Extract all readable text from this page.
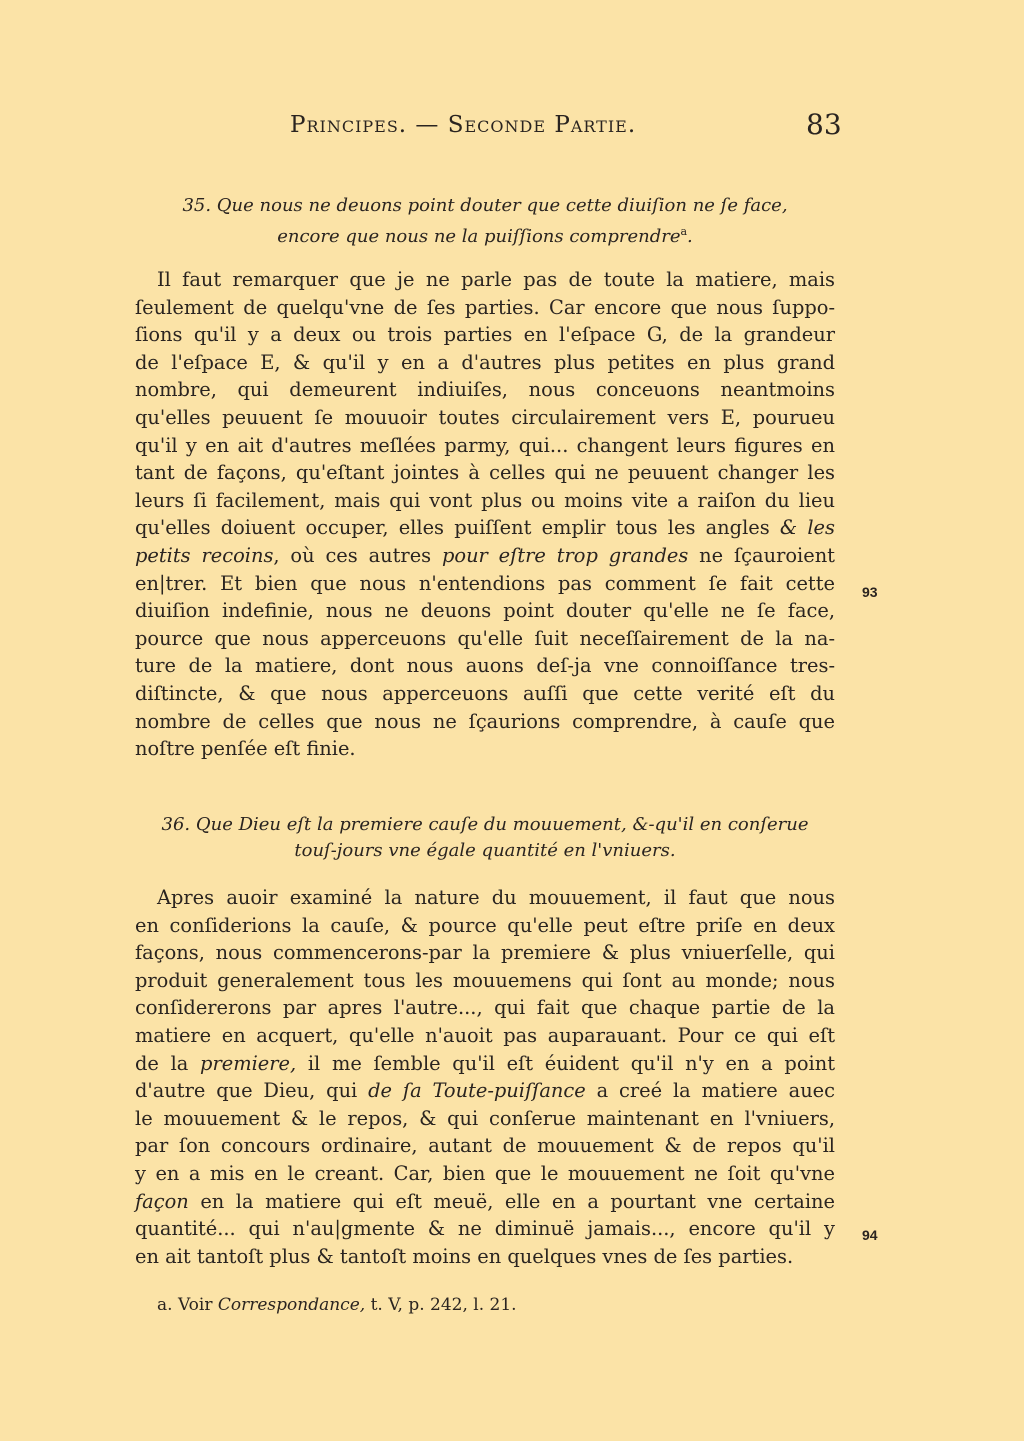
Principes. — Seconde Partie.	83
35. Que nous ne deuons point douter que cette diuiſion ne ſe face,
encore que nous ne la puiſſions comprendre$^a$.
Il faut remarquer que je ne parle pas de toute la matiere, mais
ſeulement de quelqu'vne de ſes parties. Car encore que nous ſuppo-
ſions qu'il y a deux ou trois parties en l'eſpace G, de la grandeur
de l'eſpace E, & qu'il y en a d'autres plus petites en plus grand
nombre, qui demeurent indiuiſes, nous conceuons neantmoins
qu'elles peuuent ſe mouuoir toutes circulairement vers E, pourueu
qu'il y en ait d'autres meſlées parmy, qui... changent leurs figures en
tant de façons, qu'eſtant jointes à celles qui ne peuuent changer les
leurs ſi facilement, mais qui vont plus ou moins vite a raiſon du lieu
qu'elles doiuent occuper, elles puiſſent emplir tous les angles & les
petits recoins, où ces autres pour eſtre trop grandes ne ſçauroient
en|trer. Et bien que nous n'entendions pas comment ſe fait cette
diuiſion indefinie, nous ne deuons point douter qu'elle ne ſe face,
pource que nous apperceuons qu'elle ſuit neceſſairement de la na-
ture de la matiere, dont nous auons deſ-ja vne connoiſſance tres-
diſtincte, & que nous apperceuons auſſi que cette verité eſt du
nombre de celles que nous ne ſçaurions comprendre, à cauſe que
noſtre penſée eſt finie.
93
36. Que Dieu eſt la premiere cauſe du mouuement, &-qu'il en conſerue
touſ-jours vne égale quantité en l'vniuers.
Apres auoir examiné la nature du mouuement, il faut que nous
en conſiderions la cauſe, & pource qu'elle peut eſtre priſe en deux
façons, nous commencerons-par la premiere & plus vniuerſelle, qui
produit generalement tous les mouuemens qui ſont au monde; nous
conſidererons par apres l'autre..., qui fait que chaque partie de la
matiere en acquert, qu'elle n'auoit pas auparauant. Pour ce qui eſt
de la premiere, il me ſemble qu'il eſt éuident qu'il n'y en a point
d'autre que Dieu, qui de ſa Toute-puiſſance a creé la matiere auec
le mouuement & le repos, & qui conſerue maintenant en l'vniuers,
par ſon concours ordinaire, autant de mouuement & de repos qu'il
y en a mis en le creant. Car, bien que le mouuement ne ſoit qu'vne
façon en la matiere qui eſt meuë, elle en a pourtant vne certaine
quantité... qui n'au|gmente & ne diminuë jamais..., encore qu'il y
en ait tantoſt plus & tantoſt moins en quelques vnes de ſes parties.
94
a. Voir Correspondance, t. V, p. 242, l. 21.
